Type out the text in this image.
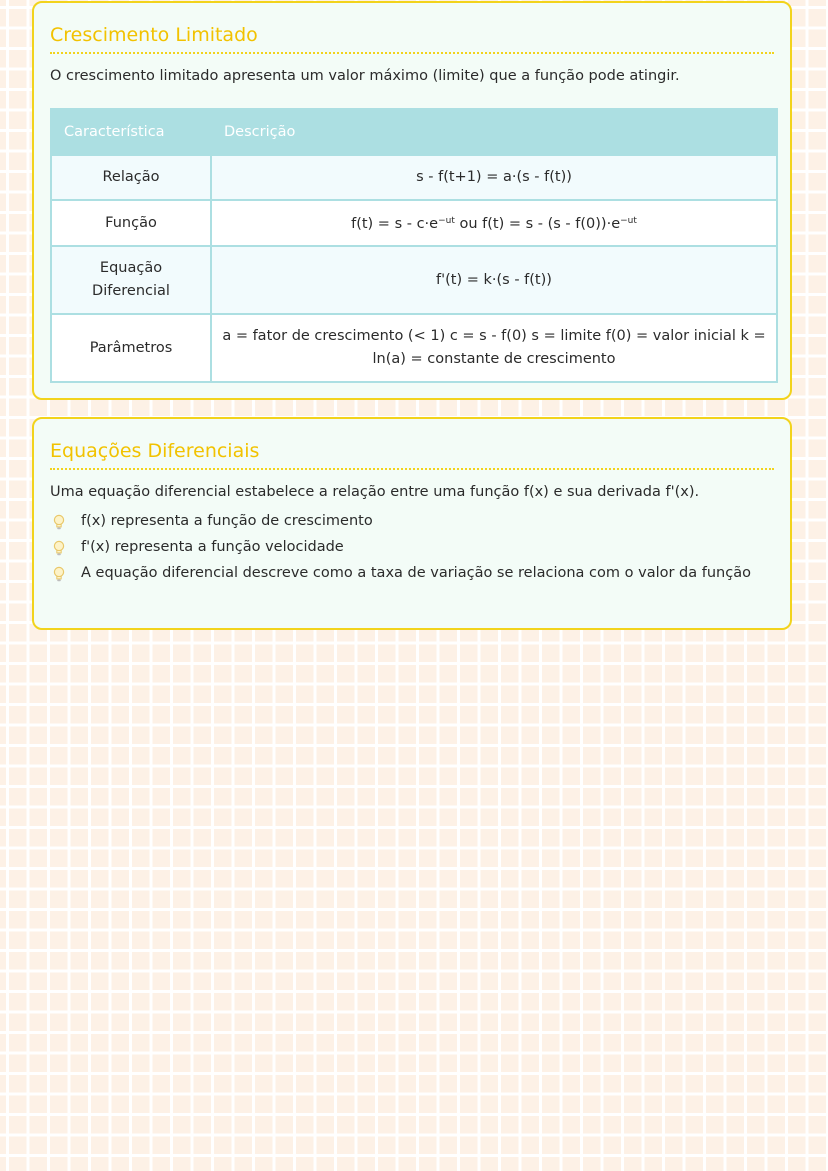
Crescimento Limitado

O crescimento limitado apresenta um valor máximo (limite) que a função pode atingir.

Característica	Descrição
Relação	s - f(t+1) = a·(s - f(t))
Função	$f(t) = s - c\cdot e^{-ut}$ ou $f(t) = s - (s - f(0))\cdot e^{-ut}$
Equação Diferencial	f'(t) = k·(s - f(t))
Parâmetros	a = fator de crescimento (< 1) c = s - f(0) s = limite f(0) = valor inicial k = ln(a) = constante de crescimento
Equações Diferenciais

Uma equação diferencial estabelece a relação entre uma função f(x) e sua derivada f'(x).

f(x) representa a função de crescimento
f'(x) representa a função velocidade
A equação diferencial descreve como a taxa de variação se relaciona com o valor da função
